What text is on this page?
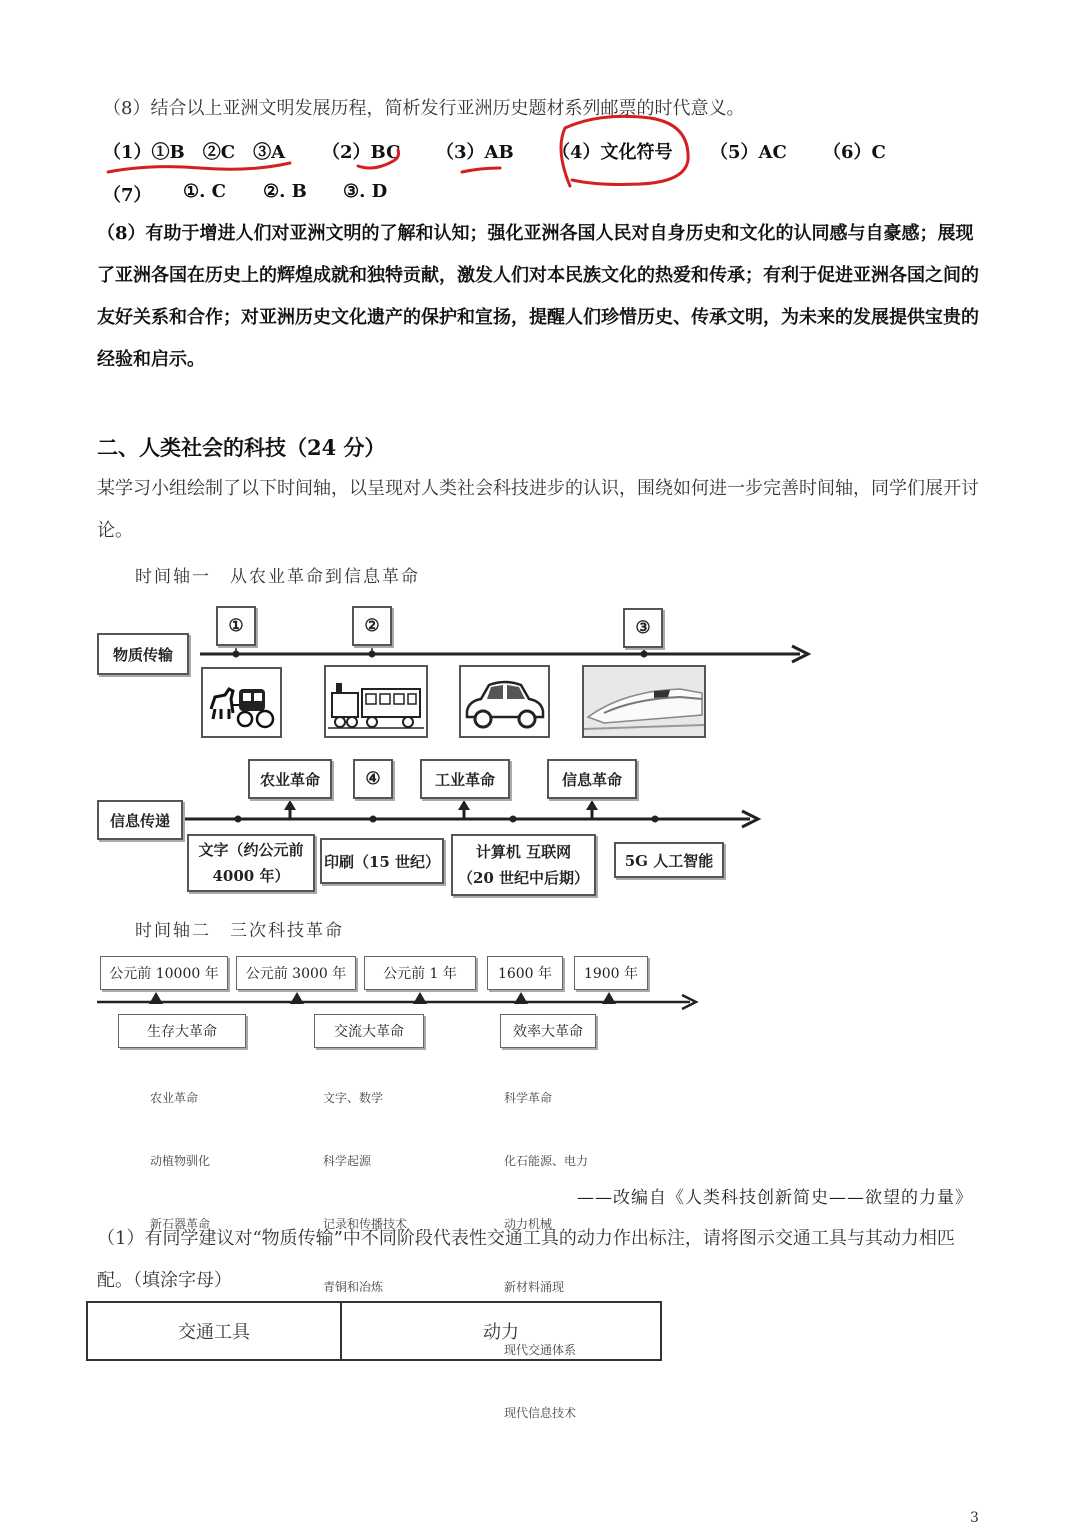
（8）结合以上亚洲文明发展历程，简析发行亚洲历史题材系列邮票的时代意义。
（1）①B　②C　③A （2）BC （3）AB （4）文化符号 （5）AC （6）C
（7） ①. C ②. B ③. D
（8）有助于增进人们对亚洲文明的了解和认知；强化亚洲各国人民对自身历史和文化的认同感与自豪感；展现了亚洲各国在历史上的辉煌成就和独特贡献，激发人们对本民族文化的热爱和传承；有利于促进亚洲各国之间的友好关系和合作；对亚洲历史文化遗产的保护和宣扬，提醒人们珍惜历史、传承文明，为未来的发展提供宝贵的经验和启示。
二、人类社会的科技（24 分）
某学习小组绘制了以下时间轴，以呈现对人类社会科技进步的认识，围绕如何进一步完善时间轴，同学们展开讨论。
时间轴一　从农业革命到信息革命
①	②	③
物质传输
农业革命	④	工业革命	信息革命
信息传递
文字（约公元前
4000 年）
印刷（15 世纪）
计算机 互联网
（20 世纪中后期）
5G 人工智能
时间轴二　三次科技革命
公元前 10000 年	公元前 3000 年	公元前 1 年	1600 年	1900 年
生存大革命	交流大革命	效率大革命

农业革命

动植物驯化

新石器革命

文字、数学

科学起源

记录和传播技术

青铜和冶炼

科学革命

化石能源、电力

动力机械

新材料涌现

现代交通体系

现代信息技术

——改编自《人类科技创新简史——欲望的力量》
（1）有同学建议对“物质传输”中不同阶段代表性交通工具的动力作出标注，请将图示交通工具与其动力相匹配。（填涂字母）
交通工具	动力
3
